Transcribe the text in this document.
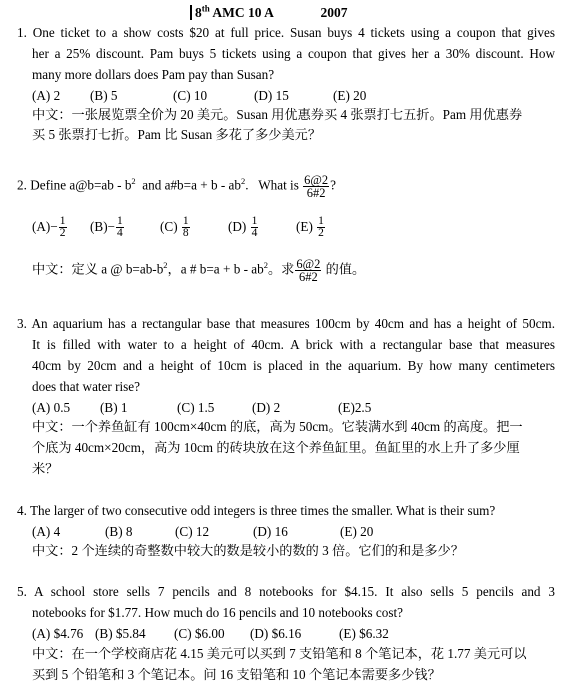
8th AMC 10 A	2007
1. One ticket to a show costs $20 at full price. Susan buys 4 tickets using a coupon that gives
her a 25% discount. Pam buys 5 tickets using a coupon that gives her a 30% discount. How
many more dollars does Pam pay than Susan?
(A) 2 (B) 5	(C) 10	(D) 15	(E) 20
中文：一张展览票全价为 20 美元。Susan 用优惠券买 4 张票打七五折。Pam 用优惠券
买 5 张票打七折。Pam 比 Susan 多花了多少美元？
2. Define a@b=ab - $b^2$  and a#b=a + b - $ab^2$.   What is $\frac{6@2}{6\#2}$ ?
$(A)- \frac{1}{2} (B)- \frac{1}{4}$	$(C) \frac{1}{8}$	$(D) \frac{1}{4}$	$(E) \frac{1}{2}$
中文：定义 a @ $b=ab-b^2$，a # $b=a + b - ab^2$。求 $\frac{6@2}{6\#2}$ 的值。
3. An aquarium has a rectangular base that measures 100cm by 40cm and has a height of 50cm.
It is filled with water to a height of 40cm. A brick with a rectangular base that measures
40cm by 20cm and a height of 10cm is placed in the aquarium. By how many centimeters
does that water rise?
(A) 0.5 (B) 1	(C) 1.5	(D) 2	(E)2.5
中文：一个养鱼缸有 100cm×40cm 的底，高为 50cm。它装满水到 40cm 的高度。把一
个底为 40cm×20cm，高为 10cm 的砖块放在这个养鱼缸里。鱼缸里的水上升了多少厘
米？
4. The larger of two consecutive odd integers is three times the smaller. What is their sum?
(A) 4	(B) 8	(C) 12	(D) 16	(E) 20
中文：2 个连续的奇整数中较大的数是较小的数的 3 倍。它们的和是多少？
5. A school store sells 7 pencils and 8 notebooks for $4.15. It also sells 5 pencils and 3
notebooks for $1.77. How much do 16 pencils and 10 notebooks cost?
(A) $4.76 (B) $5.84 (C) $6.00 (D) $6.16	(E) $6.32
中文：在一个学校商店花 4.15 美元可以买到 7 支铅笔和 8 个笔记本，花 1.77 美元可以
买到 5 个铅笔和 3 个笔记本。问 16 支铅笔和 10 个笔记本需要多少钱？
